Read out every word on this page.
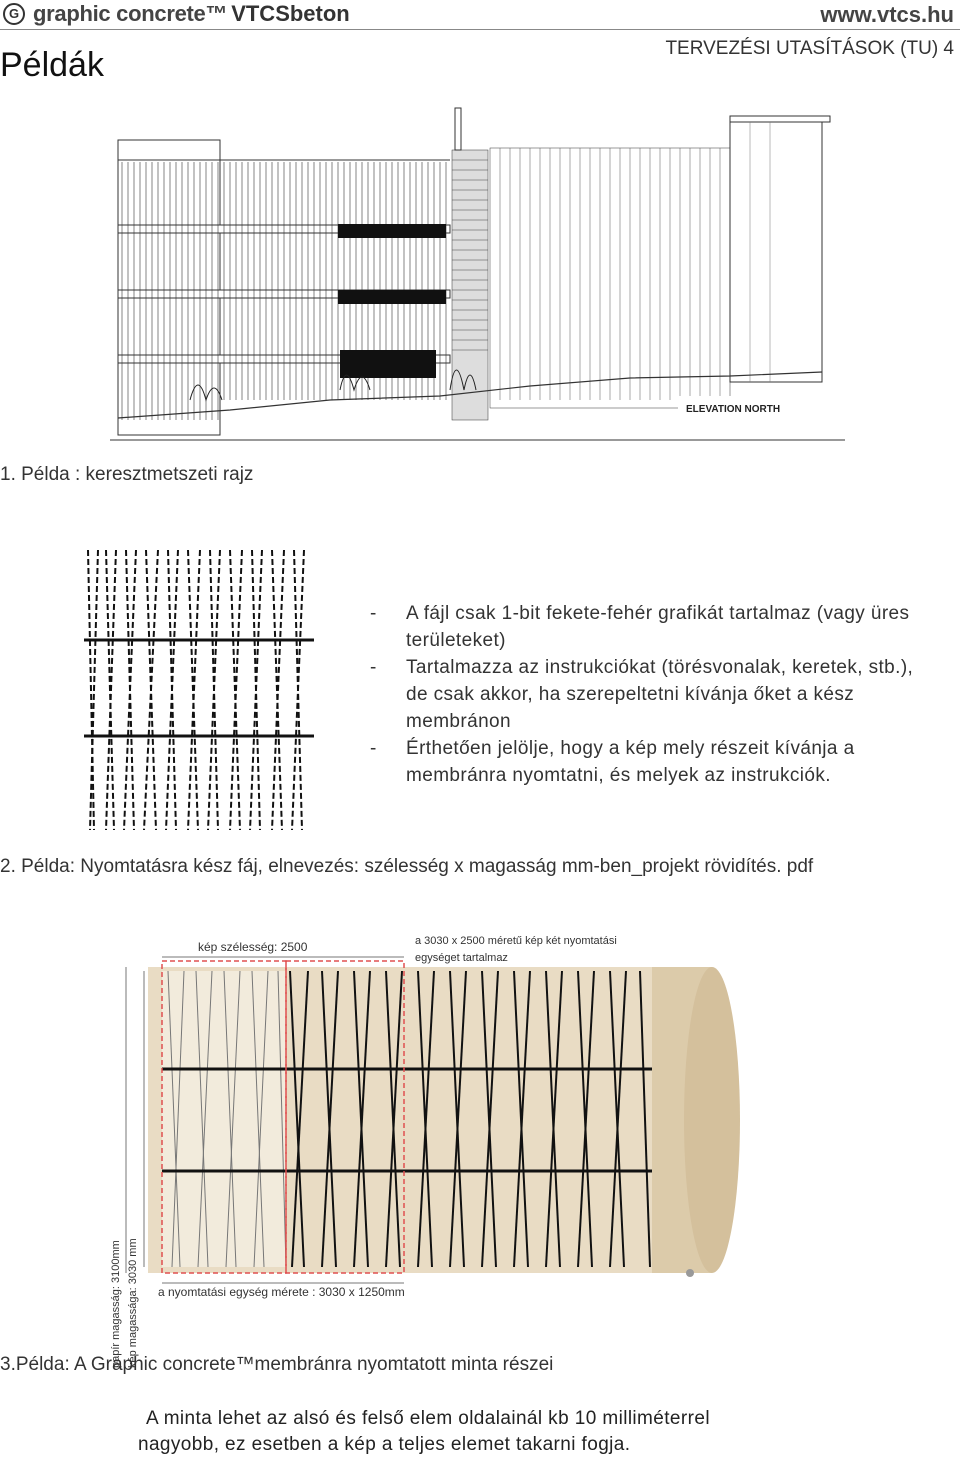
G graphic concrete™ VTCSbeton	www.vtcs.hu
Példák	TERVEZÉSI UTASÍTÁSOK (TU) 4
ELEVATION NORTH
1. Példa : keresztmetszeti rajz
- A fájl csak 1-bit fekete-fehér grafikát tartalmaz (vagy üres területeket)
- Tartalmazza az instrukciókat (törésvonalak, keretek, stb.), de csak akkor, ha szerepeltetni kívánja őket a kész membránon
- Érthetően jelölje, hogy a kép mely részeit kívánja a membránra nyomtatni, és melyek az instrukciók.
2. Példa: Nyomtatásra kész fáj, elnevezés: szélesség x magasság mm-ben_projekt rövidítés. pdf
kép szélesség: 2500	a 3030 x 2500 méretű kép két nyomtatási
egységet tartalmaz
papír magasság: 3100mm kép magassága: 3030 mm a nyomtatási egység mérete : 3030 x 1250mm
3.Példa: A Graphic concrete™membránra nyomtatott minta részei
A minta lehet az alsó és felső elem oldalainál kb 10 milliméterrel
nagyobb, ez esetben a kép a teljes elemet takarni fogja.
